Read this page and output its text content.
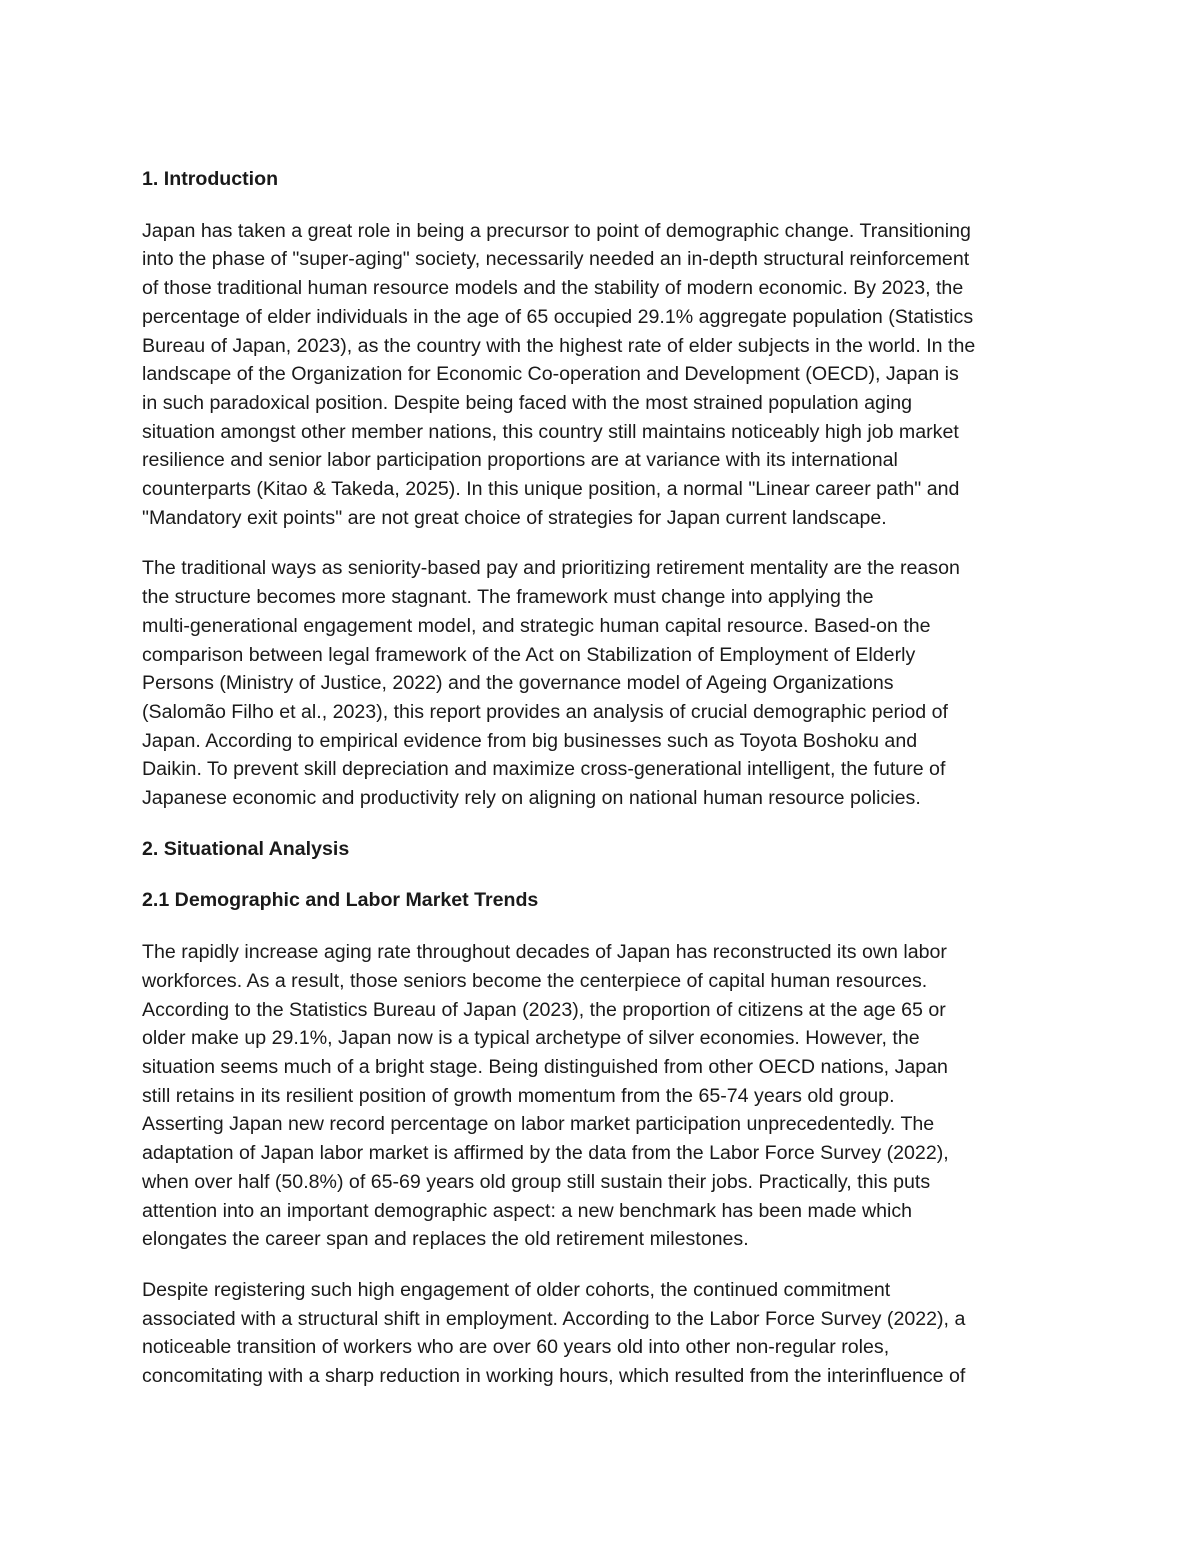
1. Introduction

Japan has taken a great role in being a precursor to point of demographic change. Transitioning
into the phase of "super-aging" society, necessarily needed an in-depth structural reinforcement
of those traditional human resource models and the stability of modern economic. By 2023, the
percentage of elder individuals in the age of 65 occupied 29.1% aggregate population (Statistics
Bureau of Japan, 2023), as the country with the highest rate of elder subjects in the world. In the
landscape of the Organization for Economic Co-operation and Development (OECD), Japan is
in such paradoxical position. Despite being faced with the most strained population aging
situation amongst other member nations, this country still maintains noticeably high job market
resilience and senior labor participation proportions are at variance with its international
counterparts (Kitao & Takeda, 2025). In this unique position, a normal "Linear career path" and
"Mandatory exit points" are not great choice of strategies for Japan current landscape.

The traditional ways as seniority-based pay and prioritizing retirement mentality are the reason
the structure becomes more stagnant. The framework must change into applying the
multi-generational engagement model, and strategic human capital resource. Based-on the
comparison between legal framework of the Act on Stabilization of Employment of Elderly
Persons (Ministry of Justice, 2022) and the governance model of Ageing Organizations
(Salomão Filho et al., 2023), this report provides an analysis of crucial demographic period of
Japan. According to empirical evidence from big businesses such as Toyota Boshoku and
Daikin. To prevent skill depreciation and maximize cross-generational intelligent, the future of
Japanese economic and productivity rely on aligning on national human resource policies.

2. Situational Analysis
2.1 Demographic and Labor Market Trends

The rapidly increase aging rate throughout decades of Japan has reconstructed its own labor
workforces. As a result, those seniors become the centerpiece of capital human resources.
According to the Statistics Bureau of Japan (2023), the proportion of citizens at the age 65 or
older make up 29.1%, Japan now is a typical archetype of silver economies. However, the
situation seems much of a bright stage. Being distinguished from other OECD nations, Japan
still retains in its resilient position of growth momentum from the 65-74 years old group.
Asserting Japan new record percentage on labor market participation unprecedentedly. The
adaptation of Japan labor market is affirmed by the data from the Labor Force Survey (2022),
when over half (50.8%) of 65-69 years old group still sustain their jobs. Practically, this puts
attention into an important demographic aspect: a new benchmark has been made which
elongates the career span and replaces the old retirement milestones.

Despite registering such high engagement of older cohorts, the continued commitment
associated with a structural shift in employment. According to the Labor Force Survey (2022), a
noticeable transition of workers who are over 60 years old into other non-regular roles,
concomitating with a sharp reduction in working hours, which resulted from the interinfluence of
